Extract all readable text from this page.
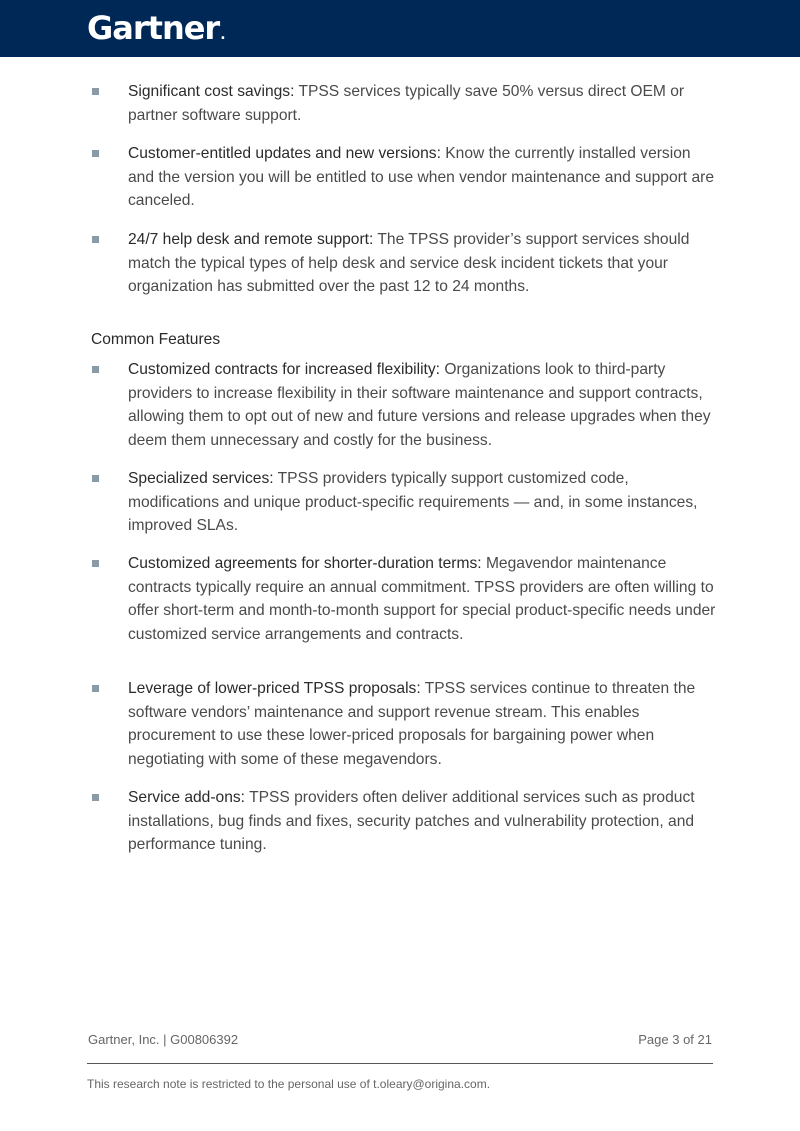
Gartner.
Significant cost savings: TPSS services typically save 50% versus direct OEM or partner software support.
Customer-entitled updates and new versions: Know the currently installed version and the version you will be entitled to use when vendor maintenance and support are canceled.
24/7 help desk and remote support: The TPSS provider’s support services should match the typical types of help desk and service desk incident tickets that your organization has submitted over the past 12 to 24 months.
Common Features
Customized contracts for increased flexibility: Organizations look to third-party providers to increase flexibility in their software maintenance and support contracts, allowing them to opt out of new and future versions and release upgrades when they deem them unnecessary and costly for the business.
Specialized services: TPSS providers typically support customized code, modifications and unique product-specific requirements — and, in some instances, improved SLAs.
Customized agreements for shorter-duration terms: Megavendor maintenance contracts typically require an annual commitment. TPSS providers are often willing to offer short-term and month-to-month support for special product-specific needs under customized service arrangements and contracts.
Leverage of lower-priced TPSS proposals: TPSS services continue to threaten the software vendors’ maintenance and support revenue stream. This enables procurement to use these lower-priced proposals for bargaining power when negotiating with some of these megavendors.
Service add-ons: TPSS providers often deliver additional services such as product installations, bug finds and fixes, security patches and vulnerability protection, and performance tuning.
Gartner, Inc. | G00806392	Page 3 of 21
This research note is restricted to the personal use of t.oleary@origina.com.
